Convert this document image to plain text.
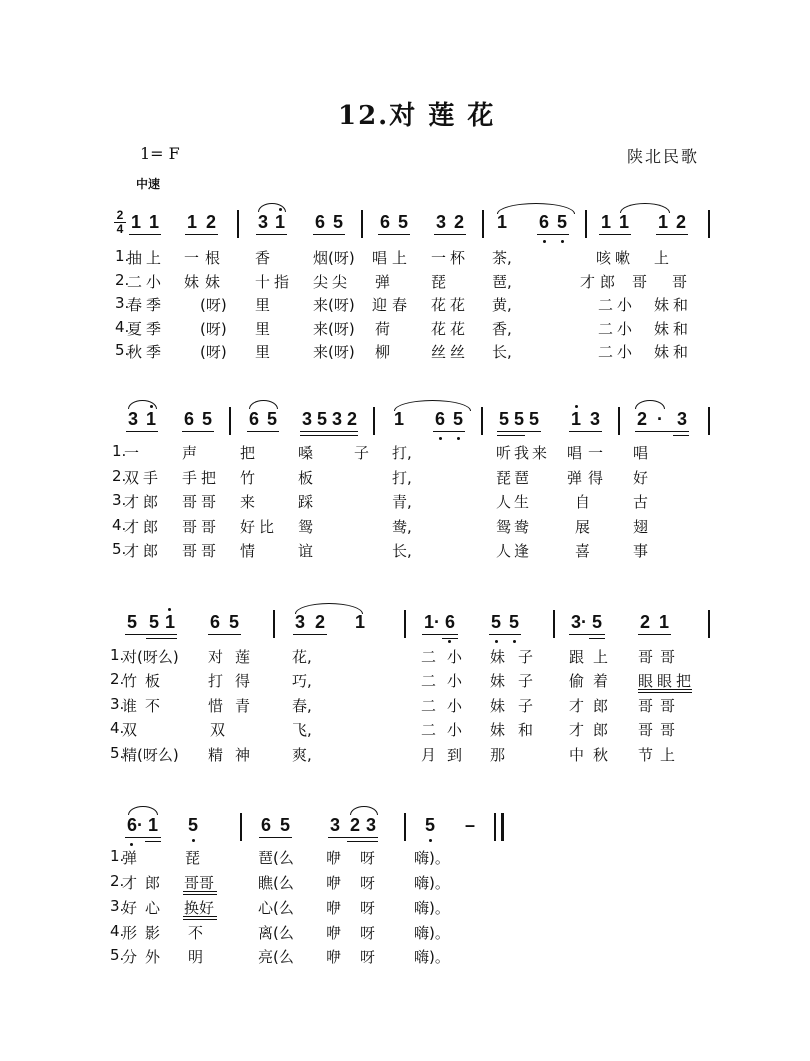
12.对 莲 花
1= F	陕北民歌
中速
2
4 1 1 1 2 3 1 6 5 6 5 3 2 1 6 5 1 1 1 2
1.
抽 上 一 根 香	烟(呀) 唱 上 一 杯 茶,	咳 嗽 上
2.
二 小 妹 妹 十 指 尖 尖 弹	琵	琶,	才 郎 哥 哥
3.
春 季	(呀) 里	来(呀) 迎 春 花 花 黄,	二 小 妹 和
4.
夏 季	(呀) 里	来(呀) 荷	花 花 香,	二 小 妹 和
5.
秋 季	(呀) 里	来(呀) 柳	丝 丝 长,	二 小 妹 和
3 1 6 5 6 5 3 5 3 2 1 6 5 5 5 5 1 3 2 · 3
1.
一	声	把	嗓	子 打,	听 我 来 唱 一 唱
2.
双 手 手 把 竹	板	打,	琵 琶	弹 得 好
3.
才 郎 哥 哥 来	踩	青,	人 生	自	古
4.
才 郎 哥 哥 好 比 鸳	鸯,	鸳 鸯	展	翅
5.
才 郎 哥 哥 情	谊	长,	人 逢	喜	事
5 5 1 6 5	3 2 1	1 · 6 5 5	3 · 5 2 1
1.
对(呀么) 对 莲	花,	二 小 妹 子 跟 上 哥 哥
2.
竹 板	打 得	巧,	二 小 妹 子 偷 着 眼 眼 把
3.
谁 不	惜 青	春,	二 小 妹 子 才 郎 哥 哥
4.
双	双	飞,	二 小 妹 和 才 郎 哥 哥
5.
精(呀么) 精 神	爽,	月 到 那	中 秋 节 上
6 · 1 5	6 5 3 2 3	5 –
1.
弹	琵	琶(么 咿 呀	嗨)。
2.
才 郎 哥哥	瞧(么 咿 呀	嗨)。
3.
好 心 换好	心(么 咿 呀	嗨)。
4.
形 影 不	离(么 咿 呀	嗨)。
5.
分 外 明	亮(么 咿 呀	嗨)。
